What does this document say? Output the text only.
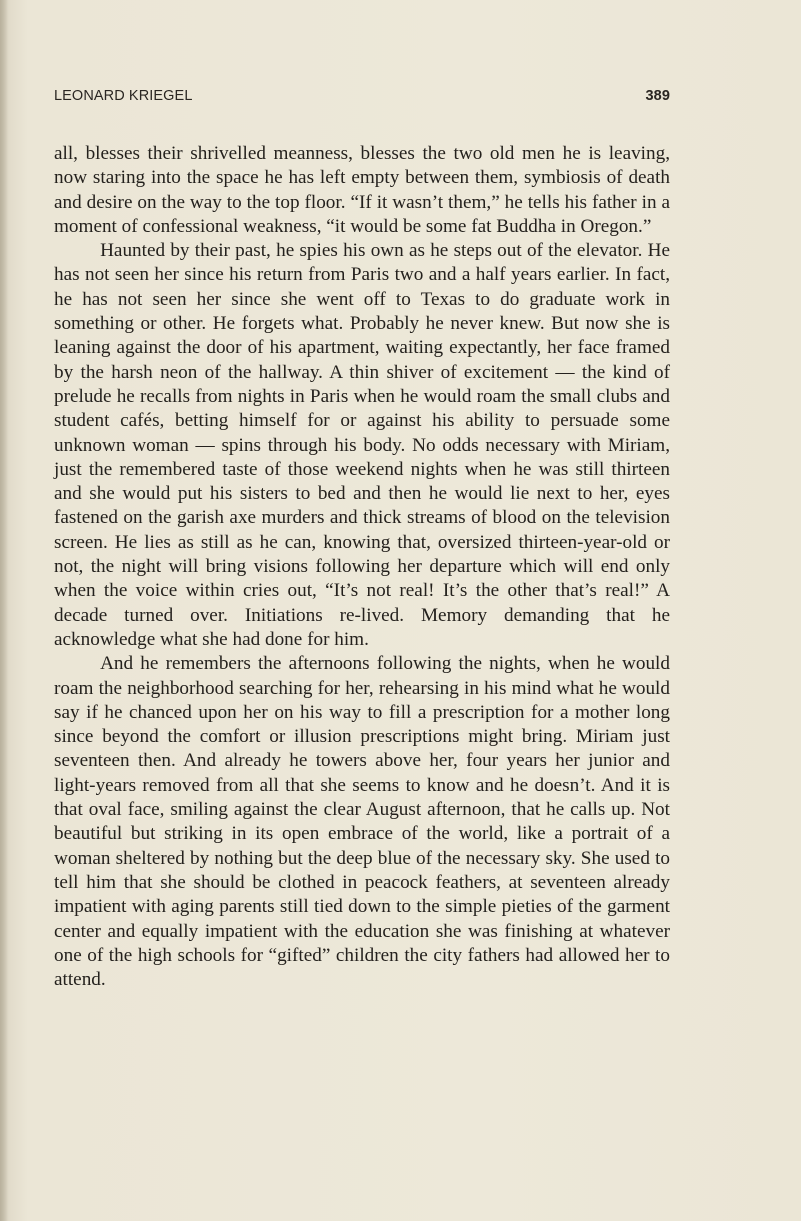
LEONARD KRIEGEL	389

all, blesses their shrivelled meanness, blesses the two old men he is leaving, now staring into the space he has left empty between them, symbiosis of death and desire on the way to the top floor. “If it wasn’t them,” he tells his father in a moment of confessional weakness, “it would be some fat Buddha in Oregon.”

Haunted by their past, he spies his own as he steps out of the elevator. He has not seen her since his return from Paris two and a half years earlier. In fact, he has not seen her since she went off to Texas to do graduate work in something or other. He forgets what. Probably he never knew. But now she is leaning against the door of his apartment, waiting expectantly, her face framed by the harsh neon of the hallway. A thin shiver of excitement — the kind of prelude he recalls from nights in Paris when he would roam the small clubs and student cafés, betting himself for or against his ability to persuade some unknown woman — spins through his body. No odds necessary with Miriam, just the remembered taste of those weekend nights when he was still thirteen and she would put his sisters to bed and then he would lie next to her, eyes fastened on the garish axe murders and thick streams of blood on the television screen. He lies as still as he can, knowing that, oversized thirteen-year-old or not, the night will bring visions following her departure which will end only when the voice within cries out, “It’s not real! It’s the other that’s real!” A decade turned over. Initiations re-lived. Memory demanding that he acknowledge what she had done for him.

And he remembers the afternoons following the nights, when he would roam the neighborhood searching for her, rehearsing in his mind what he would say if he chanced upon her on his way to fill a prescription for a mother long since beyond the comfort or illusion prescriptions might bring. Miriam just seventeen then. And already he towers above her, four years her junior and light-years removed from all that she seems to know and he doesn’t. And it is that oval face, smiling against the clear August afternoon, that he calls up. Not beautiful but striking in its open embrace of the world, like a portrait of a woman sheltered by nothing but the deep blue of the necessary sky. She used to tell him that she should be clothed in peacock feathers, at seventeen already impatient with aging parents still tied down to the simple pieties of the garment center and equally impatient with the education she was finishing at whatever one of the high schools for “gifted” children the city fathers had allowed her to attend.
